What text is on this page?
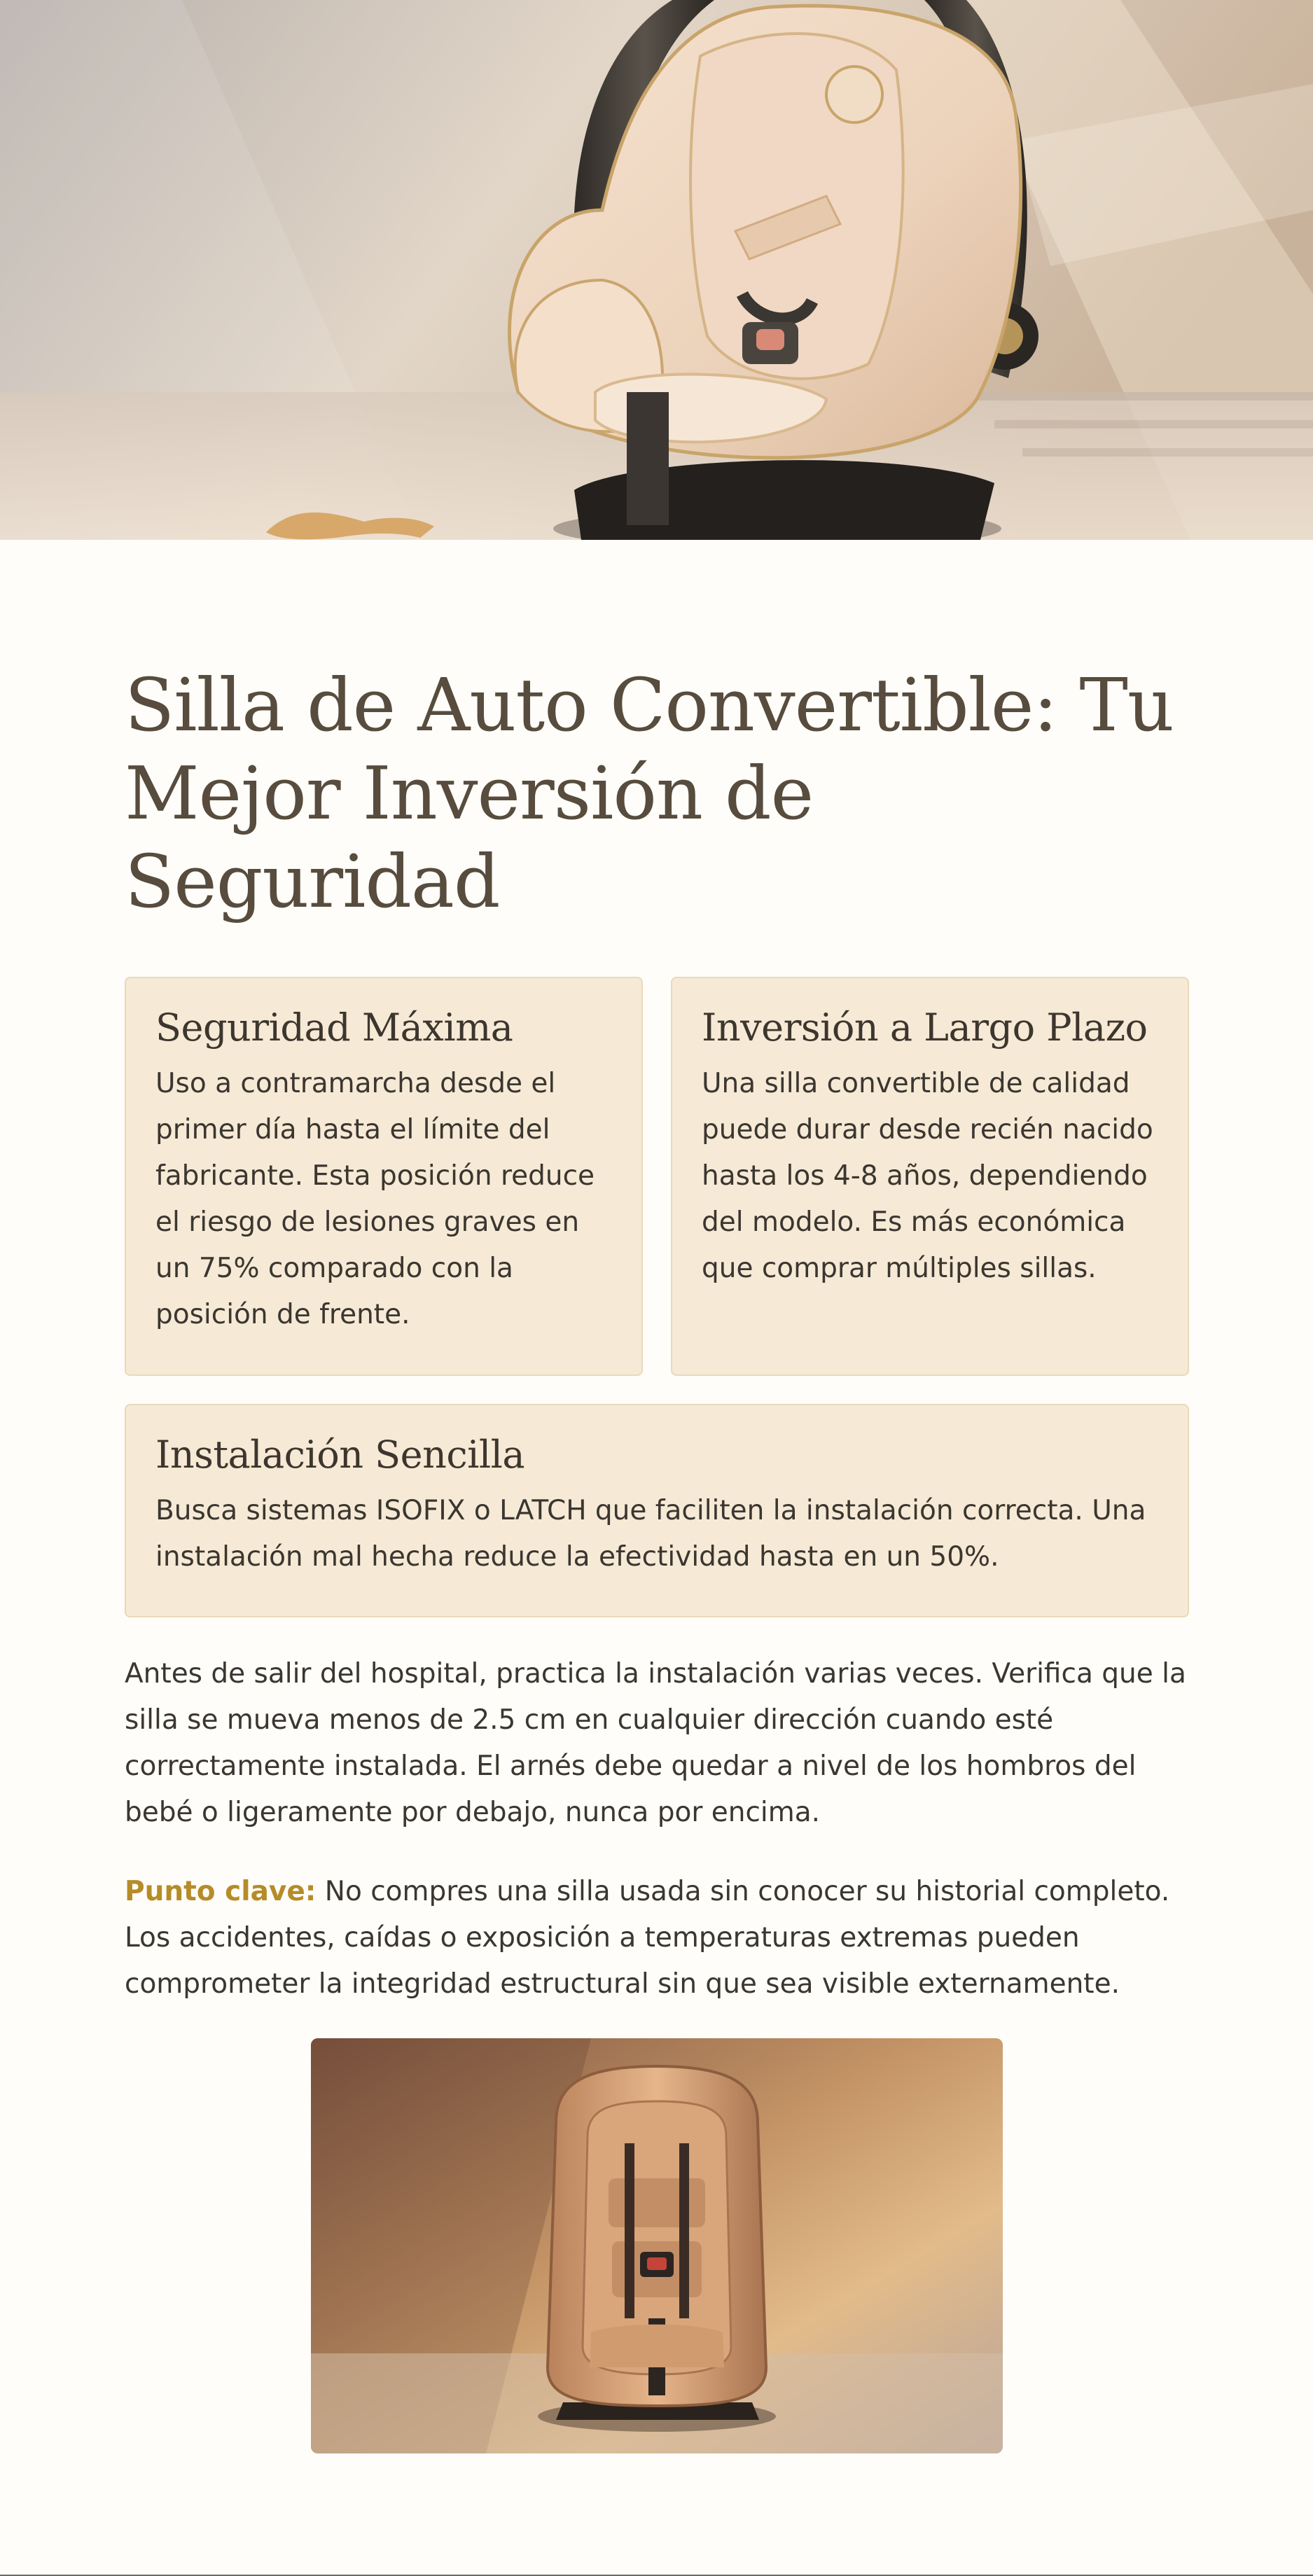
Silla de Auto Convertible: Tu Mejor Inversión de Seguridad
Seguridad Máxima

Uso a contramarcha desde el primer día hasta el límite del fabricante. Esta posición reduce el riesgo de lesiones graves en un 75% comparado con la posición de frente.

Inversión a Largo Plazo

Una silla convertible de calidad puede durar desde recién nacido hasta los 4-8 años, dependiendo del modelo. Es más económica que comprar múltiples sillas.

Instalación Sencilla

Busca sistemas ISOFIX o LATCH que faciliten la instalación correcta. Una instalación mal hecha reduce la efectividad hasta en un 50%.

Antes de salir del hospital, practica la instalación varias veces. Verifica que la silla se mueva menos de 2.5 cm en cualquier dirección cuando esté correctamente instalada. El arnés debe quedar a nivel de los hombros del bebé o ligeramente por debajo, nunca por encima.

Punto clave: No compres una silla usada sin conocer su historial completo. Los accidentes, caídas o exposición a temperaturas extremas pueden comprometer la integridad estructural sin que sea visible externamente.
